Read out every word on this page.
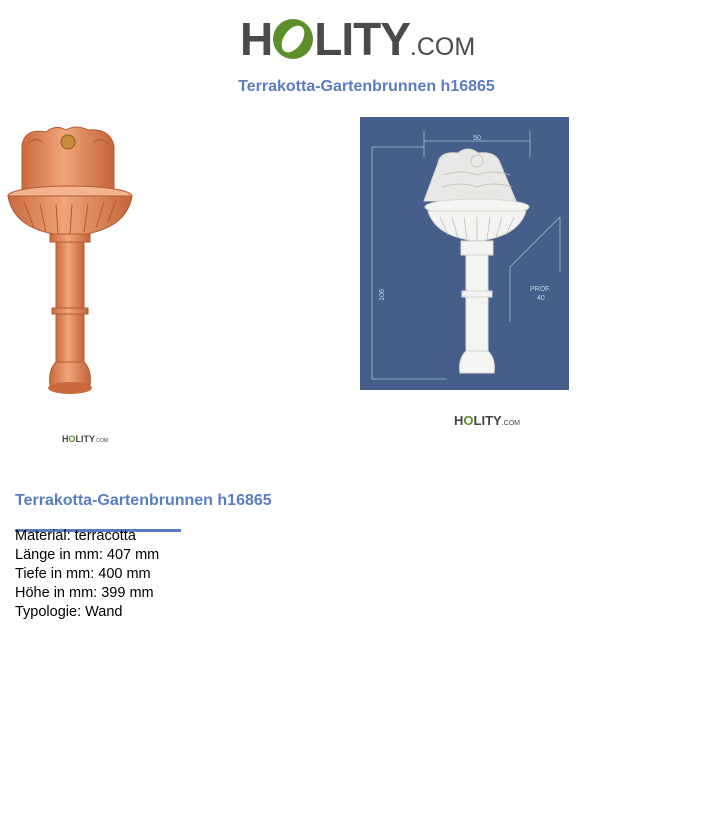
H LITY.COM
Terrakotta-Gartenbrunnen h16865
50
106	PROF.
40
HOLITY.COM
HOLITY.COM
Terrakotta-Gartenbrunnen h16865
Material: terracotta
Länge in mm: 407 mm
Tiefe in mm: 400 mm
Höhe in mm: 399 mm
Typologie: Wand
